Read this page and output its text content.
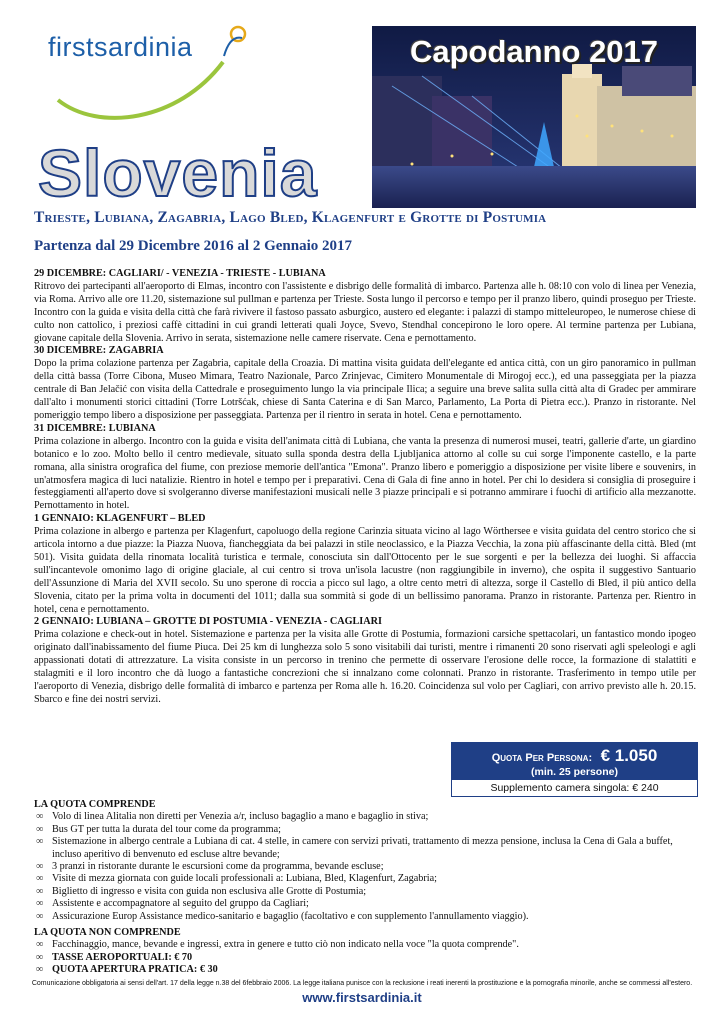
firstsardinia	Capodanno 2017
Slovenia
Trieste, Lubiana, Zagabria, Lago Bled, Klagenfurt e Grotte di Postumia
Partenza dal 29 Dicembre 2016 al 2 Gennaio 2017

29 DICEMBRE: CAGLIARI/ - VENEZIA - TRIESTE - LUBIANA

Ritrovo dei partecipanti all'aeroporto di Elmas, incontro con l'assistente e disbrigo delle formalità di imbarco. Partenza alle h. 08:10 con volo di linea per Venezia, via Roma. Arrivo alle ore 11.20, sistemazione sul pullman e partenza per Trieste. Sosta lungo il percorso e tempo per il pranzo libero, quindi proseguo per Trieste. Incontro con la guida e visita della città che farà rivivere il fastoso passato asburgico, austero ed elegante: i palazzi di stampo mitteleuropeo, le numerose chiese di culto non cattolico, i preziosi caffè cittadini in cui grandi letterati quali Joyce, Svevo, Stendhal concepirono le loro opere. Al termine partenza per Lubiana, giovane capitale della Slovenia. Arrivo in serata, sistemazione nelle camere riservate. Cena e pernottamento.

30 DICEMBRE: ZAGABRIA

Dopo la prima colazione partenza per Zagabria, capitale della Croazia. Di mattina visita guidata dell'elegante ed antica città, con un giro panoramico in pullman della città bassa (Torre Cibona, Museo Mimara, Teatro Nazionale, Parco Zrinjevac, Cimitero Monumentale di Mirogoj ecc.), ed una passeggiata per la piazza centrale di Ban Jelačić con visita della Cattedrale e proseguimento lungo la via principale Ilica; a seguire una breve salita sulla città alta di Gradec per ammirare dall'alto i monumenti storici cittadini (Torre Lotršćak, chiese di Santa Caterina e di San Marco, Parlamento, La Porta di Pietra ecc.). Pranzo in ristorante. Nel pomeriggio tempo libero a disposizione per passeggiata. Partenza per il rientro in serata in hotel. Cena e pernottamento.

31 DICEMBRE: LUBIANA

Prima colazione in albergo. Incontro con la guida e visita dell'animata città di Lubiana, che vanta la presenza di numerosi musei, teatri, gallerie d'arte, un giardino botanico e lo zoo. Molto bello il centro medievale, situato sulla sponda destra della Ljubljanica attorno al colle su cui sorge l'imponente castello, e la parte romana, alla sinistra orografica del fiume, con preziose memorie dell'antica "Emona". Pranzo libero e pomeriggio a disposizione per visite libere e souvenirs, in un'atmosfera magica di luci natalizie. Rientro in hotel e tempo per i preparativi. Cena di Gala di fine anno in hotel. Per chi lo desidera si consiglia di proseguire i festeggiamenti all'aperto dove si svolgeranno diverse manifestazioni musicali nelle 3 piazze principali e si potranno ammirare i fuochi di artificio alla mezzanotte. Pernottamento in hotel.

1 GENNAIO: KLAGENFURT – BLED

Prima colazione in albergo e partenza per Klagenfurt, capoluogo della regione Carinzia situata vicino al lago Wörthersee e visita guidata del centro storico che si articola intorno a due piazze: la Piazza Nuova, fiancheggiata da bei palazzi in stile neoclassico, e la Piazza Vecchia, la zona più affascinante della città. Bled (mt 501). Visita guidata della rinomata località turistica e termale, conosciuta sin dall'Ottocento per le sue sorgenti e per la bellezza dei luoghi. Si affaccia sull'incantevole omonimo lago di origine glaciale, al cui centro si trova un'isola lacustre (non raggiungibile in inverno), che ospita il suggestivo Santuario dell'Assunzione di Maria del XVII secolo. Su uno sperone di roccia a picco sul lago, a oltre cento metri di altezza, sorge il Castello di Bled, il più antico della Slovenia, citato per la prima volta in documenti del 1011; dalla sua sommità si gode di un bellissimo panorama. Pranzo in ristorante. Partenza per. Rientro in hotel, cena e pernottamento.

2 GENNAIO: LUBIANA – GROTTE DI POSTUMIA - VENEZIA - CAGLIARI

Prima colazione e check-out in hotel. Sistemazione e partenza per la visita alle Grotte di Postumia, formazioni carsiche spettacolari, un fantastico mondo ipogeo originato dall'inabissamento del fiume Piuca. Dei 25 km di lunghezza solo 5 sono visitabili dai turisti, mentre i rimanenti 20 sono riservati agli speleologi e agli appassionati dotati di attrezzature. La visita consiste in un percorso in trenino che permette di osservare l'erosione delle rocce, la formazione di stalattiti e stalagmiti e il loro incontro che dà luogo a fantastiche concrezioni che si innalzano come colonnati. Pranzo in ristorante. Trasferimento in tempo utile per l'aeroporto di Venezia, disbrigo delle formalità di imbarco e partenza per Roma alle h. 16.20. Coincidenza sul volo per Cagliari, con arrivo previsto alle h. 20.15. Sbarco e fine dei nostri servizi.

Quota Per Persona: € 1.050
(min. 25 persone)
Supplemento camera singola: € 240
LA QUOTA COMPRENDE
∞ Volo di linea Alitalia non diretti per Venezia a/r, incluso bagaglio a mano e bagaglio in stiva;
∞ Bus GT per tutta la durata del tour come da programma;
∞ Sistemazione in albergo centrale a Lubiana di cat. 4 stelle, in camere con servizi privati, trattamento di mezza pensione, inclusa la Cena di Gala a buffet, incluso aperitivo di benvenuto ed escluse altre bevande;
∞ 3 pranzi in ristorante durante le escursioni come da programma, bevande escluse;
∞ Visite di mezza giornata con guide locali professionali a: Lubiana, Bled, Klagenfurt, Zagabria;
∞ Biglietto di ingresso e visita con guida non esclusiva alle Grotte di Postumia;
∞ Assistente e accompagnatore al seguito del gruppo da Cagliari;
∞ Assicurazione Europ Assistance medico-sanitario e bagaglio (facoltativo e con supplemento l'annullamento viaggio).
LA QUOTA NON COMPRENDE
∞ Facchinaggio, mance, bevande e ingressi, extra in genere e tutto ciò non indicato nella voce "la quota comprende".
∞ TASSE AEROPORTUALI: € 70
∞ QUOTA APERTURA PRATICA: € 30
Comunicazione obbligatoria ai sensi dell'art. 17 della legge n.38 del 6febbraio 2006. La legge italiana punisce con la reclusione i reati inerenti la prostituzione e la pornografia minorile, anche se commessi all'estero.
www.firstsardinia.it
